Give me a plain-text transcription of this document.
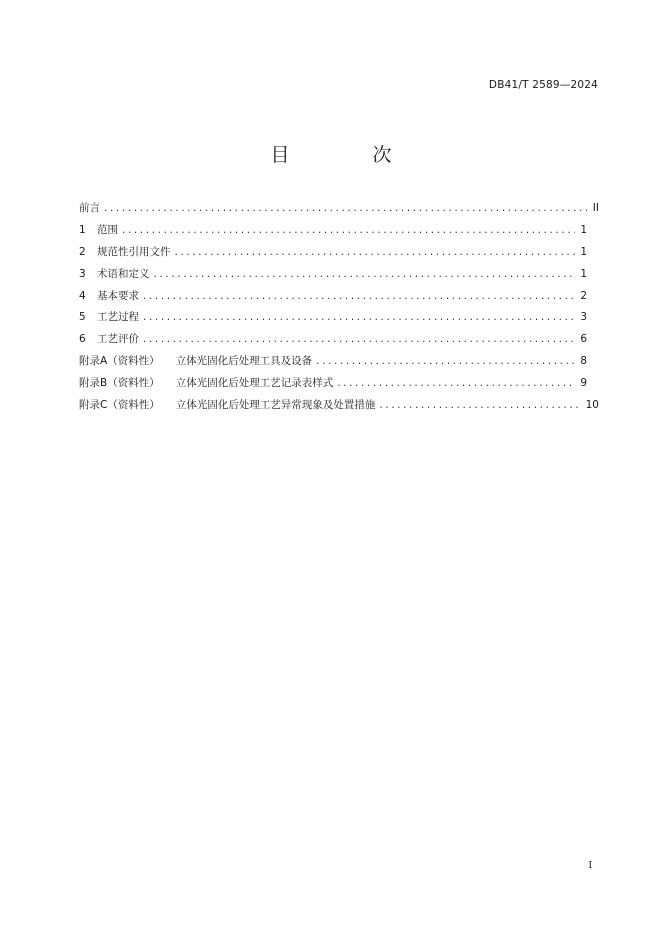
DB41/T 2589—2024
目　次
前言 .....	II
1	范围 .....	1
2	规范性引用文件 .....	1
3	术语和定义 .....	1
4	基本要求 .....	2
5	工艺过程 .....	3
6	工艺评价 .....	6
附录A（资料性） 立体光固化后处理工具及设备 .....	8
附录B（资料性） 立体光固化后处理工艺记录表样式 .....	9
附录C（资料性） 立体光固化后处理工艺异常现象及处置措施 .....	10
I
